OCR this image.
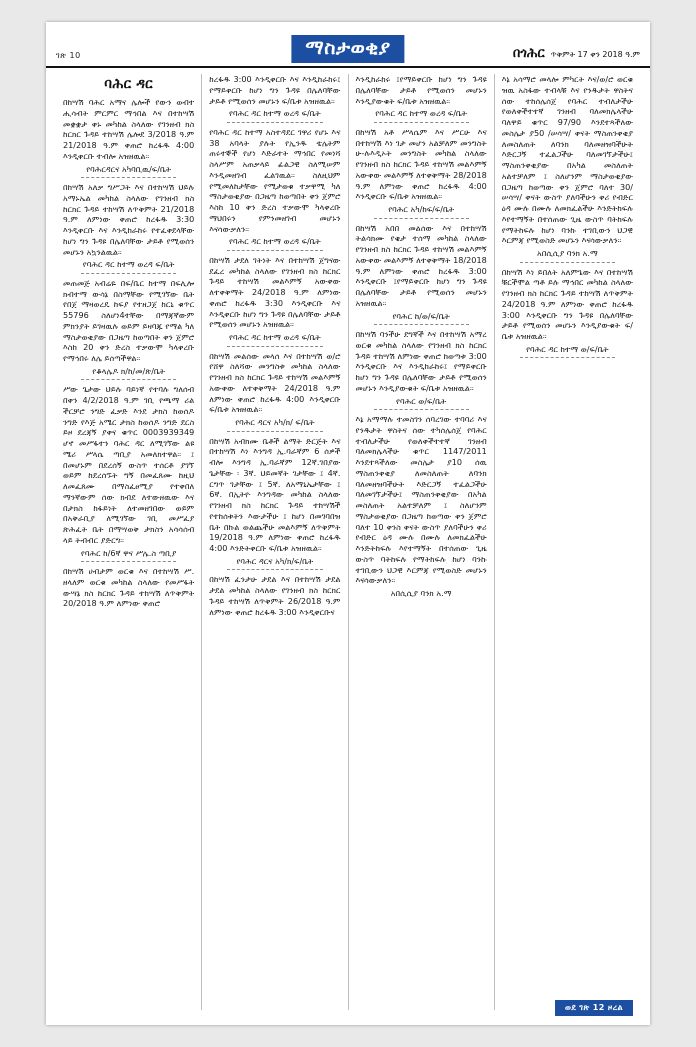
ገጽ 10	ማስታወቂያ	በጎሕር ጥቅምት 17 ቀን 2018 ዓ.ም
ባሕር ዳር

በከሣሽ ባሕር አማና ሌሎች የውን ወብተ ሒሳብት ምርምር ማኅበል እና በተከሣሽ መቋቋታ ቀኑ መካከል ስላለው የገንዘብ ክስ ከርክር ጉዳይ ተከሣሽ ሌሎደ 3/2018 ዓ.ም 21/2018 ዓ.ም ቀጠሮ ከረፋዱ 4:00 እንዲቀርቡ ተብሎ አዝዘዉል።

የባሕርዳርና አካባቢዉ/ፍ/ቤት

በከሣሽ አለቃ ግሥጋት እና በተከሣሽ ህይሉ አማኑኤል መካከል ስላለው የገንዘብ ክስ ከርክር ጉዳይ ተከሣሽ ለጥቅምት 21/2018 ዓ.ም ለምነው ቀጠሮ ከረፋዱ 3:30 እንዲቀርቡ እና እንዲከራከሩ የተፈቀደላቸው ከሆነ ግን ጉዳዩ በሌለባቸው ታይቶ የሚወሰን መሆኑን አኳንልዉል።

የባሕር ዳር ከተማ ወረዳ ፍ/ቤት

መጠመጅ አብሬዬ በፍ/ቤር ከተማ በፍሊሎ ክብተማ ውሳኔ በስማቸው የሚገኘው ቤት የበጀ ማዛወረዴ ከፍያ የተዘጋጀ ከርኒ ቁጥር 55796 ስለሆነ4ተቸው በማጃኛውም ምክንያት ይገዛዉሉ ወይም ይዛባጁ የማል ካለ ማስታወቂያው በጋዜጣ ከወጣበት ቀን ጀምሮ እስከ 20 ቀን ድረስ ተቃውሞ ካላቀረቡ የማኅበሩ ለሌ ይሰጣችዋል።

የቆላሌዶ ክ/ከ/መ/ጽ/ቤት

ሥው ጌታው ህይሉ ባይነኛ የተባሉ ግለሰብ በቀን 4/2/2018 ዓ.ም ገቢ የጫማ ሪል ችርቻሮ ንግድ ፈቃድ እንደ ታክስ ከወሰዶ ንግድ የእጅ አሜር ታክስ ከወሰዶ ንግድ ደርስ ይዞ ደረጃኝ ያቀና ቁጥር 0003939349 ሆኖ መሥፋተን ባሕር ዳር ለሚገኘው ልዩ ሜሪ ሥላሴ ጣቢያ አመለክተዋል። ፤ በመሆኑም በደረሰኝ ውስጥ ተሰርቶ ያገኘ ወይም ከደረሰኙት ግኝ በመፈጸሙ ከዚህ ለመፈጸሙ በማስፈፀሚያ የተቀበለ ማንኛውም ሰው ክብደ ለተውዘዉው እና በታክስ ከፋይነት ለተመዘገበው ወይም በአቅራቢያ ለሚገኘው ገቢ መሥፈያ ጽሕፈት ቤት በማሣወቅ ታክስን አሳሳሰብ ላይ ትብብር ያድርግ።

የባሕር ከ/6ኛ ዋና ሥሌ.ስ ጣቢያ

በከሣሽ ሀብታም ወርቁ እና በተከሣሽ ሥ. ዘላለም ወርቁ መካከል ስላለው የመሥፋት ውሣኔ ክስ ከርክር ጉዳይ ተከሣሽ ለጥቅምት 20/2018 ዓ.ም ለምነው ቀጠሮ

ከረፋዱ 3:00 እንዲቀርቡ እና እንዲከራከሩ፤ የማይቀርቡ ከሆነ ግን ጉዳዩ በሌለባቸው ታይቶ የሚወሰን መሆኑን ፍ/ቤቱ አዝዘዉል።

የባሕር ዳር ከተማ ወረዳ ፍ/ቤት

የባሕር ዳር ከተማ አስተዳደር ገዋሪ የሆኑ እና 38 አባላት ያሉት የኢንዱ ቴሌትም ጠሩተኞች የሆነ እድራተት ማኅበር የመነሻ ስላሥም አጠቃላይ ፊልጋዊ ስለሚሠም እንዲመዘገብ ፈልገዉል። ስለዚህም የሚመለከታቸው የሚታወቁ ተቃዋሚ ካለ ማስታወቂያው በጋዜጣ ከወጣበት ቀን ጀምሮ እስከ 10 ቀን ድረስ ተቃውሞ ካላቀረቡ ማህበሩን የምንመዘገብ መሆኑን እናሳውቃለን።

የባሕር ዳር ከተማ ወረዳ ፍ/ቤት

በከሣሽ ታደለ ገትነት እና በተከሣሽ ጀግናው ደፈረ መካከል ስላለው የገንዘብ ክስ ከርክር ጉዳይ ተከሣሽ መልእምኝ አውቀው ለተቀቅማት 24/2018 ዓ.ም ለምነው ቀጠሮ ከረፋዱ 3:30 እንዲቀርቡ እና እንዲቀርቡ ከሆነ ግን ጉዳዩ በሌለባቸው ታይቶ የሚወሰን መሆኑን አዝዘዉል።

የባሕር ዳር ከተማ ወረዳ ፍ/ቤት

በከሣሽ መልሰው መላሰ እና በተከሣሽ ወ/ሮ የሸዋ ስለሻው መንግስቱ መካከል ስላለው የገንዘብ ክስ ከርክር ጉዳይ ተከሣሽ መልእምኝ አውቀው ለተቀቅማት 24/2018 ዓ.ም ለምነው ቀጠሮ ከረፋዱ 4:00 እንዲቀርቡ ፍ/ቤቱ አዝዘዉል።

የባሕር ዳርና አካ/ክ/ ፍ/ቤት

በከሣሽ አብክሙ ቤቶች ልማት ድርጅት እና በተከሣሽ እነ እንግዳ ኢ.ባራኛም 6 ሰዎች ብሎ እንግዳ ኢ.ባራኛም 12ኛ.ገበያው ጌታቸው ፡ 3ኛ. ህይመኛት ገታቸው ፤ 4ኛ. ርግጥ ገታቸው ፤ 5ኛ. ለአማኒኤታቸው ፤ 6ኛ. በኢትዮ እንግዳው መካከል ስላለው የገንዘብ ክስ ከርክር ጉዳይ ተከሣሽች የተከሰቱትን እውታችሁ ፤ ከሆነ በመገባበዝ ቤት በኩል ወልጨችሁ መልእምኝ ለጥቅምት 19/2018 ዓ.ም ለምነው ቀጠሮ ከረፋዱ 4:00 እንድትቀርቡ ፍ/ቤቱ አዝዘዉል።

የባሕር ዳርና አካ/ክ/ፍ/ቤት

በከሣሽ ፈንታሁ ታደል እና በተከሣሽ ታደል ታደል መካከል ስላለው የገንዘብ ክስ ከርክር ጉዳይ ተከሣሽ ለጥቅምት 26/2018 ዓ.ም ለምነው ቀጠሮ ከረፋዱ 3:00 እንዲቀርቡና

እንዲከራከሩ ፤የማይቀርቡ ከሆነ ግን ጉዳዩ በሌለባቸው ታይቶ የሚወሰን መሆኑን እንዲያውቁት ፍ/ቤቱ አዝዘዉል።

የባሕር ዳር ከተማ ወረዳ ፍ/ቤት

በከሣሽ አቶ ሥላሴም እና ሥርሁ እና በተከሣሽ እነ ገታ መሆን አልቻለም መንግስት ሁ-ሉእዲኦት መንግስት መካከል ስላለው የገንዘብ ክስ ከርክር ጉዳይ ተከሣሽ መልእምኝ አውቀው መልእምኝ ለተቀቅማት 28/2018 ዓ.ም ለምነው ቀጠሮ ከረፋዱ 4:00 እንዲቀርቡ ፍ/ቤቱ አዝዘዉል።

የባሕር አካ/ከፍ/ፍ/ቤት

በከሣሽ አበበ መልሰው እና በተከሣሽ ትልሳክሙ የቄታ ተሰማ መካከል ስላለው የገንዘብ ክስ ከርክር ጉዳይ ተከሣሽ መልእምኝ አውቀው መልእምኝ ለተቀቅማት 18/2018 ዓ.ም ለምነው ቀጠሮ ከረፋዱ 3:00 እንዲቀርቡ ፤የማይቀርቡ ከሆነ ግን ጉዳዩ በሌለባቸው ታይቶ የሚወሰን መሆኑን አዝዘዉል።

የባሕር ከ/ወ/ፍ/ቤት

በከሣሽ ባንችሁ ደግኛች እና በተከሣሽ አማረ ወርቁ መካከል ስላለው የገንዘብ ክስ ከርክር ጉዳይ ተከሣሽ ለምነው ቀጠሮ ከወጣቱ 3:00 እንዲቀርቡ እና እንዲከራከሩ፤ የማይቀርቡ ከሆነ ግን ጉዳዩ በሌለባቸው ታይቶ የሚወሰን መሆኑን እንዲያውቁት ፍ/ቤቱ አዝዘዉል።

የባሕር ወ/ፍ/ቤት

እኔ አማማሉ ተመስገን ሰባረገው ተባባሪ እና የንዱታት ዋስትና ሰው ተካሰሌሰጀ የባሕር ተብለታችሁ የወለቀችተተኛ ገንዘብ ባለመክሌላችሁ ቁጥር 1147/2011 እንደተጻችለው መስሌታ ያ10 ሰዉ ማስጠንቀቂያ ለመስለጠት ለባንክ ባለመዘዝባችሁት እድርጋኝ ተፈልጋችሁ ባለመገኘታችሁ፤ ማስጠንቀቂያው በአካል መስለጠት አልተቻለም ፤ ስለሆንም ማስታወቂያው በጋዜጣ ከወጣው ቀን ጀምሮ ባለተ 10 ቀንስ ቀናት ውስጥ ያለባችሁን ቀሪ የብድር ዕዳ ሙሉ በሙሉ ለመክፈልችሁ እንድትከፍሉ እየተማኝት በተሰጠው ጊዜ ውስጥ ባትከፍሉ የማትከፍሉ ከሆነ ባንኩ ተገቢውን ህጋዊ እርምጃ የሚወስድ መሆኑን እናሳውቃለን።

አበሲሲያ ባንክ አ.ማ

እኔ አሳማሮ መላሎ ምካርት እና/ወ/ሮ ወርቁ ዝዉ አስፋው ተብላቹ እና የንዱታት ዋስትና ሰው ተከሰሌሰጀ የባሕር ተብለታችሁ የወለቀችተተኛ ገንዘብ ባለመክሌላችሁ ባለዋይ ቁጥር 97/90 እንደተጻችለው መስሌታ ያ50 /ሠሳሣ/ ቀናት ማስጠንቀቂያ ለመስለጠት ለባንክ ባለመዘዝባችሁት እድርጋኝ ተፈልጋችሁ ባለመገኘታችሁ፤ ማስጠንቀቂያው በአካል መስለጠት አልተቻለም ፤ ስለሆንም ማስታወቂያው በጋዜጣ ከወጣው ቀን ጀምሮ ባለተ 30/ሠሳሣ/ ቀናት ውስጥ ያለባችሁን ቀሪ የብድር ዕዳ ሙሉ በሙሉ ለመክፈልችሁ እንድትከፍሉ እየተማኝት በተሰጠው ጊዜ ውስጥ ባትከፍሉ የማትከፍሉ ከሆነ ባንኩ ተገቢውን ህጋዊ እርምጃ የሚወስድ መሆኑን እናሳውቃለን።

አበሲሲያ ባንክ አ.ማ

በከሣሽ እነ ይበለት አለምጌው እና በተከሣሽ ቹርችሞል ጣቶ ይሉ ማኅበር መካከል ስላለው የገንዘብ ክስ ከርክር ጉዳይ ተከሣሽ ለጥቅምት 24/2018 ዓ.ም ለምነው ቀጠሮ ከረፋዱ 3:00 እንዲቀርቡ ግን ጉዳዩ በሌለባቸው ታይቶ የሚወሰን መሆኑን እንዲያውቁት ፍ/ቤቱ አዝዘዉል።

የባሕር ዳር ከተማ ወ/ፍ/ቤት

ወደ ገጽ 12 ዞረል
